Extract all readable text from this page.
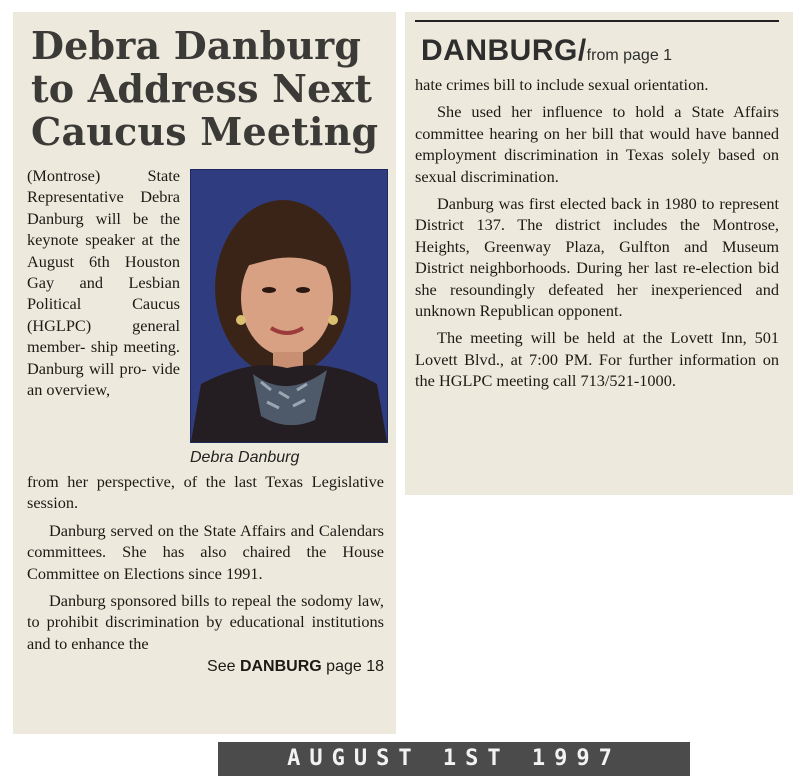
Debra Danburg
to Address Next
Caucus Meeting
Debra Danburg

(Montrose)	State Representative Debra Danburg will be the keynote speaker at the August 6th Houston Gay and Lesbian Political	Caucus (HGLPC)	general member- ship meeting. Danburg will pro- vide an overview,

from her perspective, of the last Texas Legislative session.

Danburg served on the State Affairs and Calendars committees. She has also chaired the House Committee on Elections since 1991.

Danburg sponsored bills to repeal the sodomy law, to prohibit discrimination by educational institutions and to enhance the

See DANBURG page 18
DANBURG/from page 1

hate crimes bill to include sexual orientation.

She used her influence to hold a State Affairs committee hearing on her bill that would have banned employment discrimination in Texas solely based on sexual discrimination.

Danburg was first elected back in 1980 to represent District 137. The district includes the Montrose, Heights, Greenway Plaza, Gulfton and Museum District neighborhoods. During her last re-election bid she resoundingly defeated her inexperienced and unknown Republican opponent.

The meeting will be held at the Lovett Inn, 501 Lovett Blvd., at 7:00 PM. For further information on the HGLPC meeting call 713/521-1000.

AUGUST 1ST 1997
